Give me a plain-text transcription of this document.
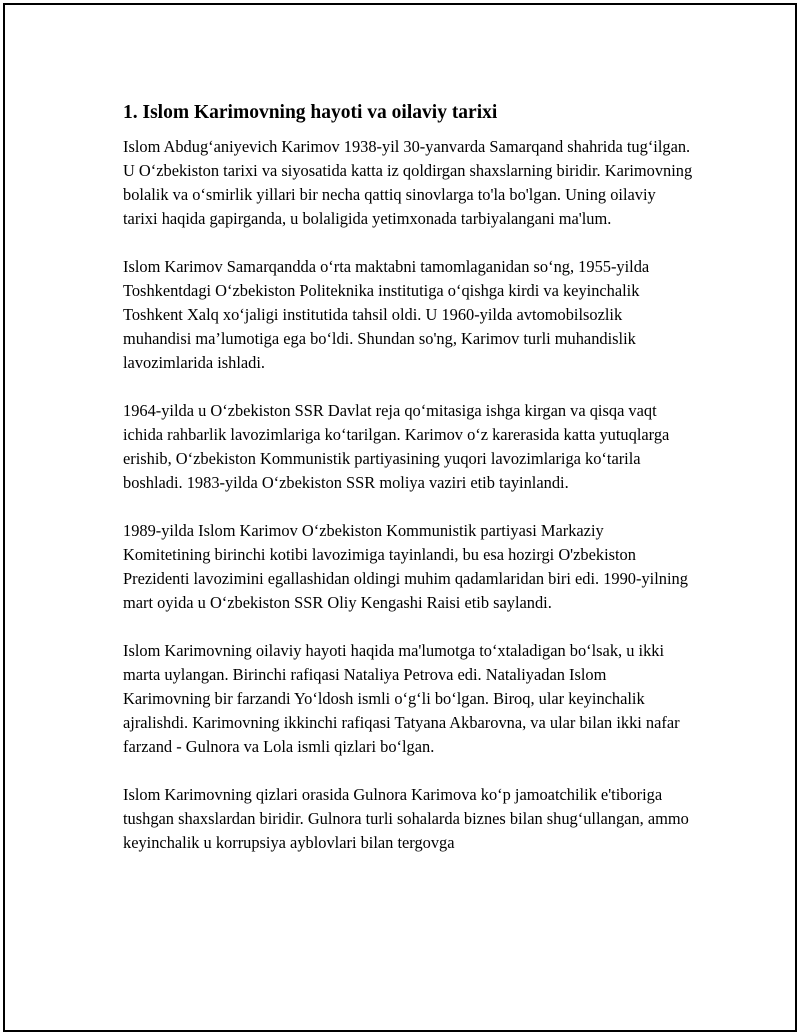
1. Islom Karimovning hayoti va oilaviy tarixi

Islom Abdug‘aniyevich Karimov 1938-yil 30-yanvarda Samarqand shahrida tug‘ilgan. U O‘zbekiston tarixi va siyosatida katta iz qoldirgan shaxslarning biridir. Karimovning bolalik va o‘smirlik yillari bir necha qattiq sinovlarga to'la bo'lgan. Uning oilaviy tarixi haqida gapirganda, u bolaligida yetimxonada tarbiyalangani ma'lum.

Islom Karimov Samarqandda o‘rta maktabni tamomlaganidan so‘ng, 1955-yilda Toshkentdagi O‘zbekiston Politeknika institutiga o‘qishga kirdi va keyinchalik Toshkent Xalq xo‘jaligi institutida tahsil oldi. U 1960-yilda avtomobilsozlik muhandisi ma’lumotiga ega bo‘ldi. Shundan so'ng, Karimov turli muhandislik lavozimlarida ishladi.

1964-yilda u O‘zbekiston SSR Davlat reja qo‘mitasiga ishga kirgan va qisqa vaqt ichida rahbarlik lavozimlariga ko‘tarilgan. Karimov o‘z karerasida katta yutuqlarga erishib, O‘zbekiston Kommunistik partiyasining yuqori lavozimlariga ko‘tarila boshladi. 1983-yilda O‘zbekiston SSR moliya vaziri etib tayinlandi.

1989-yilda Islom Karimov O‘zbekiston Kommunistik partiyasi Markaziy Komitetining birinchi kotibi lavozimiga tayinlandi, bu esa hozirgi O'zbekiston Prezidenti lavozimini egallashidan oldingi muhim qadamlaridan biri edi. 1990-yilning mart oyida u O‘zbekiston SSR Oliy Kengashi Raisi etib saylandi.

Islom Karimovning oilaviy hayoti haqida ma'lumotga to‘xtaladigan bo‘lsak, u ikki marta uylangan. Birinchi rafiqasi Nataliya Petrova edi. Nataliyadan Islom Karimovning bir farzandi Yo‘ldosh ismli o‘g‘li bo‘lgan. Biroq, ular keyinchalik ajralishdi. Karimovning ikkinchi rafiqasi Tatyana Akbarovna, va ular bilan ikki nafar farzand - Gulnora va Lola ismli qizlari bo‘lgan.

Islom Karimovning qizlari orasida Gulnora Karimova ko‘p jamoatchilik e'tiboriga tushgan shaxslardan biridir. Gulnora turli sohalarda biznes bilan shug‘ullangan, ammo keyinchalik u korrupsiya ayblovlari bilan tergovga
